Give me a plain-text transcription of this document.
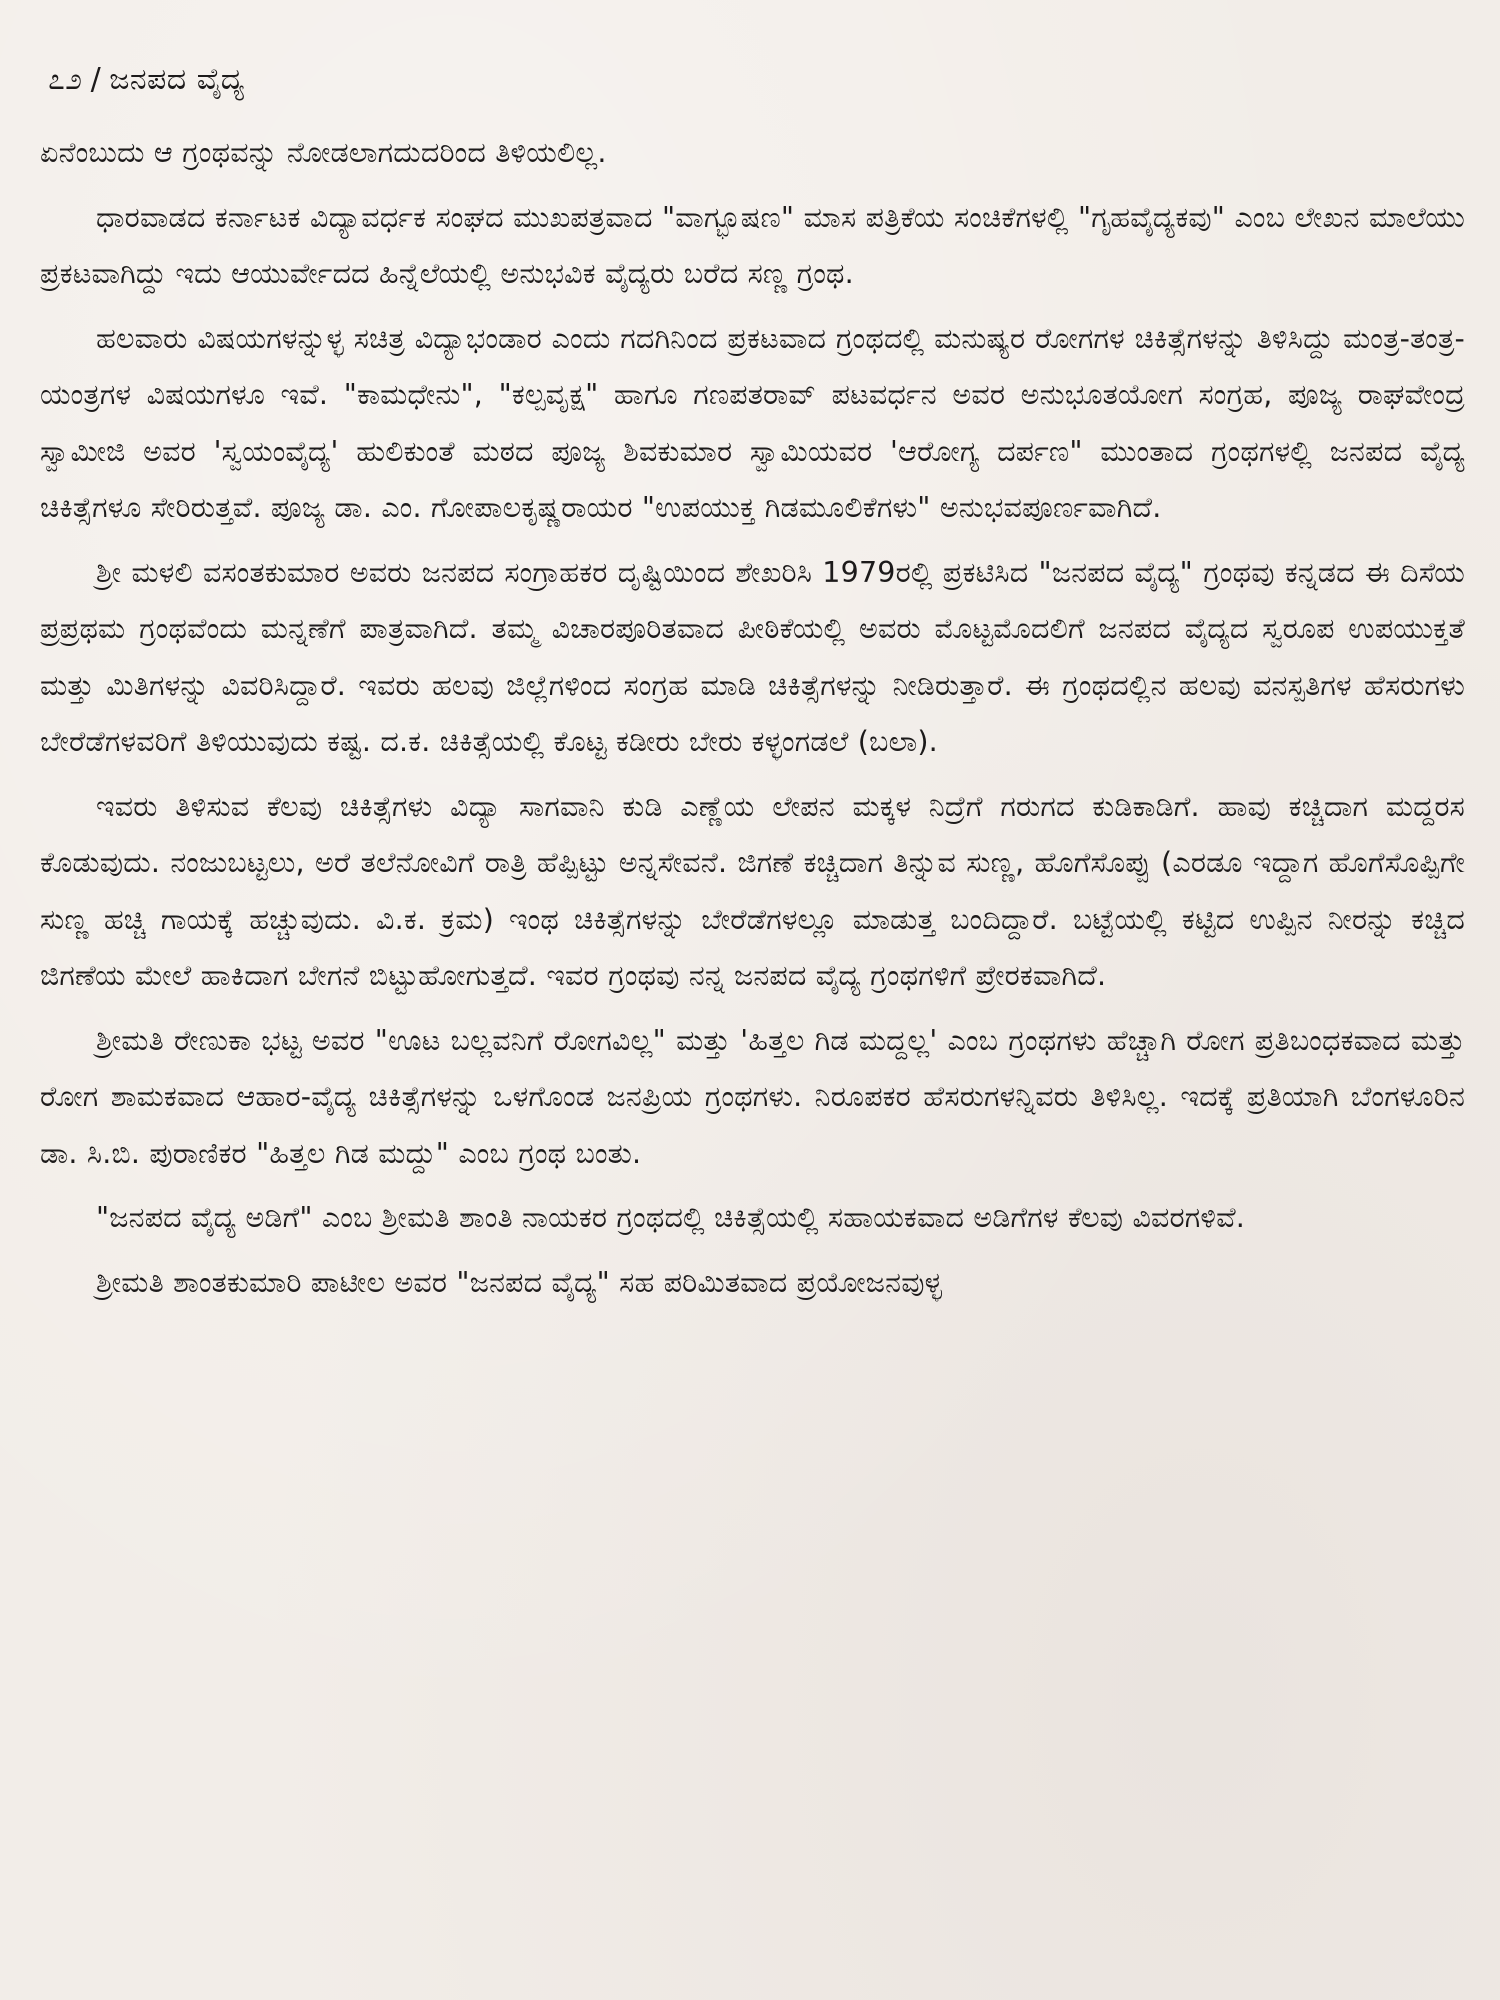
೭೨ / ಜನಪದ ವೈದ್ಯ

ಏನೆಂಬುದು ಆ ಗ್ರಂಥವನ್ನು ನೋಡಲಾಗದುದರಿಂದ ತಿಳಿಯಲಿಲ್ಲ.

ಧಾರವಾಡದ ಕರ್ನಾಟಕ ವಿದ್ಯಾವರ್ಧಕ ಸಂಘದ ಮುಖಪತ್ರವಾದ "ವಾಗ್ಭೂಷಣ" ಮಾಸ ಪತ್ರಿಕೆಯ ಸಂಚಿಕೆಗಳಲ್ಲಿ "ಗೃಹವೈದ್ಯಕವು" ಎಂಬ ಲೇಖನ ಮಾಲೆಯು ಪ್ರಕಟವಾಗಿದ್ದು ಇದು ಆಯುರ್ವೇದದ ಹಿನ್ನೆಲೆಯಲ್ಲಿ ಅನುಭವಿಕ ವೈದ್ಯರು ಬರೆದ ಸಣ್ಣ ಗ್ರಂಥ.

ಹಲವಾರು ವಿಷಯಗಳನ್ನುಳ್ಳ ಸಚಿತ್ರ ವಿದ್ಯಾಭಂಡಾರ ಎಂದು ಗದಗಿನಿಂದ ಪ್ರಕಟವಾದ ಗ್ರಂಥದಲ್ಲಿ ಮನುಷ್ಯರ ರೋಗಗಳ ಚಿಕಿತ್ಸೆಗಳನ್ನು ತಿಳಿಸಿದ್ದು ಮಂತ್ರ-ತಂತ್ರ-ಯಂತ್ರಗಳ ವಿಷಯಗಳೂ ಇವೆ. "ಕಾಮಧೇನು", "ಕಲ್ಪವೃಕ್ಷ" ಹಾಗೂ ಗಣಪತರಾವ್ ಪಟವರ್ಧನ ಅವರ ಅನುಭೂತಯೋಗ ಸಂಗ್ರಹ, ಪೂಜ್ಯ ರಾಘವೇಂದ್ರ ಸ್ವಾಮೀಜಿ ಅವರ 'ಸ್ವಯಂವೈದ್ಯ' ಹುಲಿಕುಂತೆ ಮಠದ ಪೂಜ್ಯ ಶಿವಕುಮಾರ ಸ್ವಾಮಿಯವರ 'ಆರೋಗ್ಯ ದರ್ಪಣ" ಮುಂತಾದ ಗ್ರಂಥಗಳಲ್ಲಿ ಜನಪದ ವೈದ್ಯ ಚಿಕಿತ್ಸೆಗಳೂ ಸೇರಿರುತ್ತವೆ. ಪೂಜ್ಯ ಡಾ. ಎಂ. ಗೋಪಾಲಕೃಷ್ಣರಾಯರ "ಉಪಯುಕ್ತ ಗಿಡಮೂಲಿಕೆಗಳು" ಅನುಭವಪೂರ್ಣವಾಗಿದೆ.

ಶ್ರೀ ಮಳಲಿ ವಸಂತಕುಮಾರ ಅವರು ಜನಪದ ಸಂಗ್ರಾಹಕರ ದೃಷ್ಟಿಯಿಂದ ಶೇಖರಿಸಿ 1979ರಲ್ಲಿ ಪ್ರಕಟಿಸಿದ "ಜನಪದ ವೈದ್ಯ" ಗ್ರಂಥವು ಕನ್ನಡದ ಈ ದಿಸೆಯ ಪ್ರಪ್ರಥಮ ಗ್ರಂಥವೆಂದು ಮನ್ನಣೆಗೆ ಪಾತ್ರವಾಗಿದೆ. ತಮ್ಮ ವಿಚಾರಪೂರಿತವಾದ ಪೀಠಿಕೆಯಲ್ಲಿ ಅವರು ಮೊಟ್ಟಮೊದಲಿಗೆ ಜನಪದ ವೈದ್ಯದ ಸ್ವರೂಪ ಉಪಯುಕ್ತತೆ ಮತ್ತು ಮಿತಿಗಳನ್ನು ವಿವರಿಸಿದ್ದಾರೆ. ಇವರು ಹಲವು ಜಿಲ್ಲೆಗಳಿಂದ ಸಂಗ್ರಹ ಮಾಡಿ ಚಿಕಿತ್ಸೆಗಳನ್ನು ನೀಡಿರುತ್ತಾರೆ. ಈ ಗ್ರಂಥದಲ್ಲಿನ ಹಲವು ವನಸ್ಪತಿಗಳ ಹೆಸರುಗಳು ಬೇರೆಡೆಗಳವರಿಗೆ ತಿಳಿಯುವುದು ಕಷ್ಟ. ದ.ಕ. ಚಿಕಿತ್ಸೆಯಲ್ಲಿ ಕೊಟ್ಟ ಕಡೀರು ಬೇರು ಕಳ್ಳಂಗಡಲೆ (ಬಲಾ).

ಇವರು ತಿಳಿಸುವ ಕೆಲವು ಚಿಕಿತ್ಸೆಗಳು ವಿದ್ಯಾ ಸಾಗವಾನಿ ಕುಡಿ ಎಣ್ಣೆಯ ಲೇಪನ ಮಕ್ಕಳ ನಿದ್ರೆಗೆ ಗರುಗದ ಕುಡಿಕಾಡಿಗೆ. ಹಾವು ಕಚ್ಚಿದಾಗ ಮದ್ದರಸ ಕೊಡುವುದು. ನಂಜುಬಟ್ಟಲು, ಅರೆ ತಲೆನೋವಿಗೆ ರಾತ್ರಿ ಹೆಪ್ಪಿಟ್ಟು ಅನ್ನಸೇವನೆ. ಜಿಗಣೆ ಕಚ್ಚಿದಾಗ ತಿನ್ನುವ ಸುಣ್ಣ, ಹೊಗೆಸೊಪ್ಪು (ಎರಡೂ ಇದ್ದಾಗ ಹೊಗೆಸೊಪ್ಪಿಗೇ ಸುಣ್ಣ ಹಚ್ಚಿ ಗಾಯಕ್ಕೆ ಹಚ್ಚುವುದು. ವಿ.ಕ. ಕ್ರಮ) ಇಂಥ ಚಿಕಿತ್ಸೆಗಳನ್ನು ಬೇರೆಡೆಗಳಲ್ಲೂ ಮಾಡುತ್ತ ಬಂದಿದ್ದಾರೆ. ಬಟ್ಟೆಯಲ್ಲಿ ಕಟ್ಟಿದ ಉಪ್ಪಿನ ನೀರನ್ನು ಕಚ್ಚಿದ ಜಿಗಣೆಯ ಮೇಲೆ ಹಾಕಿದಾಗ ಬೇಗನೆ ಬಿಟ್ಟುಹೋಗುತ್ತದೆ. ಇವರ ಗ್ರಂಥವು ನನ್ನ ಜನಪದ ವೈದ್ಯ ಗ್ರಂಥಗಳಿಗೆ ಪ್ರೇರಕವಾಗಿದೆ.

ಶ್ರೀಮತಿ ರೇಣುಕಾ ಭಟ್ಟ ಅವರ "ಊಟ ಬಲ್ಲವನಿಗೆ ರೋಗವಿಲ್ಲ" ಮತ್ತು 'ಹಿತ್ತಲ ಗಿಡ ಮದ್ದಲ್ಲ' ಎಂಬ ಗ್ರಂಥಗಳು ಹೆಚ್ಚಾಗಿ ರೋಗ ಪ್ರತಿಬಂಧಕವಾದ ಮತ್ತು ರೋಗ ಶಾಮಕವಾದ ಆಹಾರ-ವೈದ್ಯ ಚಿಕಿತ್ಸೆಗಳನ್ನು ಒಳಗೊಂಡ ಜನಪ್ರಿಯ ಗ್ರಂಥಗಳು. ನಿರೂಪಕರ ಹೆಸರುಗಳನ್ನಿವರು ತಿಳಿಸಿಲ್ಲ. ಇದಕ್ಕೆ ಪ್ರತಿಯಾಗಿ ಬೆಂಗಳೂರಿನ ಡಾ. ಸಿ.ಬಿ. ಪುರಾಣಿಕರ "ಹಿತ್ತಲ ಗಿಡ ಮದ್ದು" ಎಂಬ ಗ್ರಂಥ ಬಂತು.

"ಜನಪದ ವೈದ್ಯ ಅಡಿಗೆ" ಎಂಬ ಶ್ರೀಮತಿ ಶಾಂತಿ ನಾಯಕರ ಗ್ರಂಥದಲ್ಲಿ ಚಿಕಿತ್ಸೆಯಲ್ಲಿ ಸಹಾಯಕವಾದ ಅಡಿಗೆಗಳ ಕೆಲವು ವಿವರಗಳಿವೆ.

ಶ್ರೀಮತಿ ಶಾಂತಕುಮಾರಿ ಪಾಟೀಲ ಅವರ "ಜನಪದ ವೈದ್ಯ" ಸಹ ಪರಿಮಿತವಾದ ಪ್ರಯೋಜನವುಳ್ಳ
